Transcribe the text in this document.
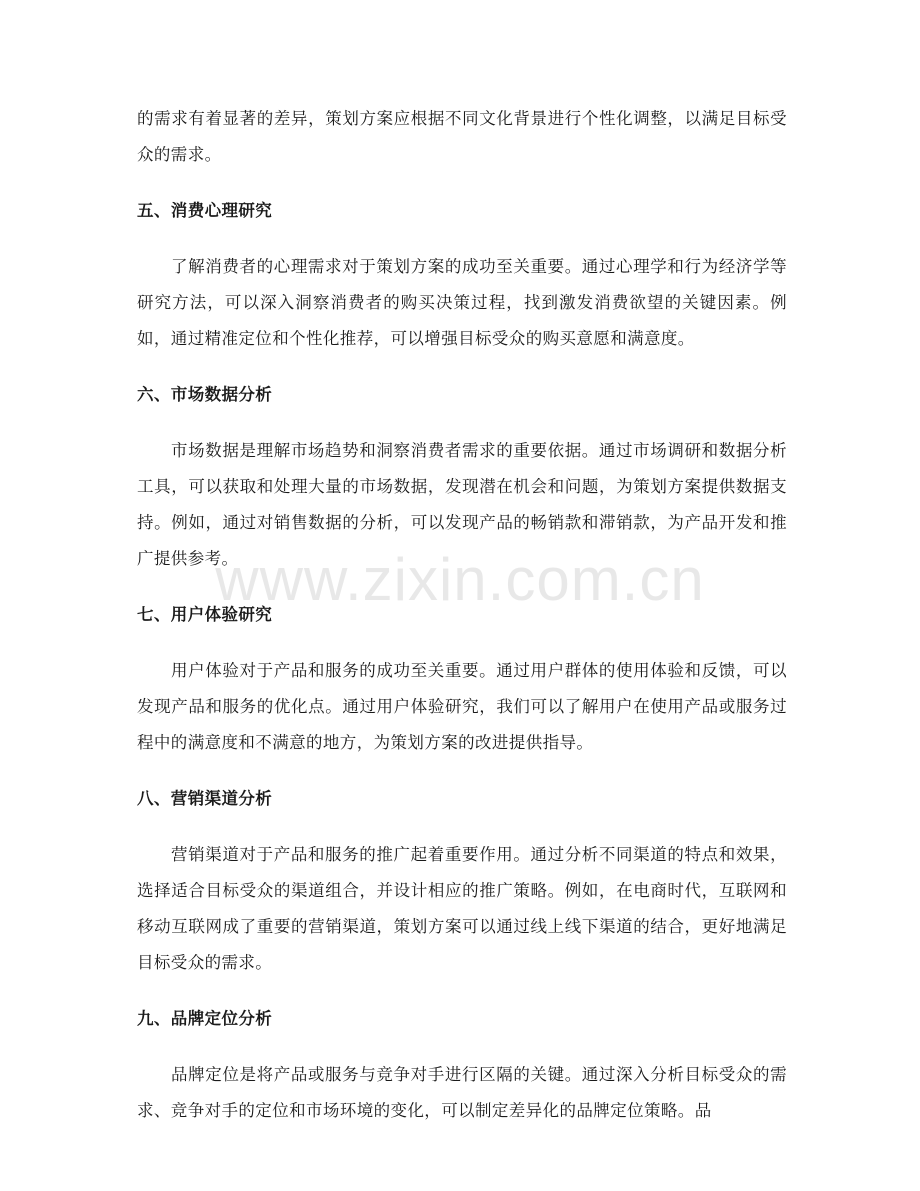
的需求有着显著的差异，策划方案应根据不同文化背景进行个性化调整，以满足目标受众的需求。

五、消费心理研究

了解消费者的心理需求对于策划方案的成功至关重要。通过心理学和行为经济学等研究方法，可以深入洞察消费者的购买决策过程，找到激发消费欲望的关键因素。例如，通过精准定位和个性化推荐，可以增强目标受众的购买意愿和满意度。

六、市场数据分析

市场数据是理解市场趋势和洞察消费者需求的重要依据。通过市场调研和数据分析工具，可以获取和处理大量的市场数据，发现潜在机会和问题，为策划方案提供数据支持。例如，通过对销售数据的分析，可以发现产品的畅销款和滞销款，为产品开发和推广提供参考。

七、用户体验研究

用户体验对于产品和服务的成功至关重要。通过用户群体的使用体验和反馈，可以发现产品和服务的优化点。通过用户体验研究，我们可以了解用户在使用产品或服务过程中的满意度和不满意的地方，为策划方案的改进提供指导。

八、营销渠道分析

营销渠道对于产品和服务的推广起着重要作用。通过分析不同渠道的特点和效果，选择适合目标受众的渠道组合，并设计相应的推广策略。例如，在电商时代，互联网和移动互联网成了重要的营销渠道，策划方案可以通过线上线下渠道的结合，更好地满足目标受众的需求。

九、品牌定位分析

品牌定位是将产品或服务与竞争对手进行区隔的关键。通过深入分析目标受众的需求、竞争对手的定位和市场环境的变化，可以制定差异化的品牌定位策略。品

www.zixin.com.cn
